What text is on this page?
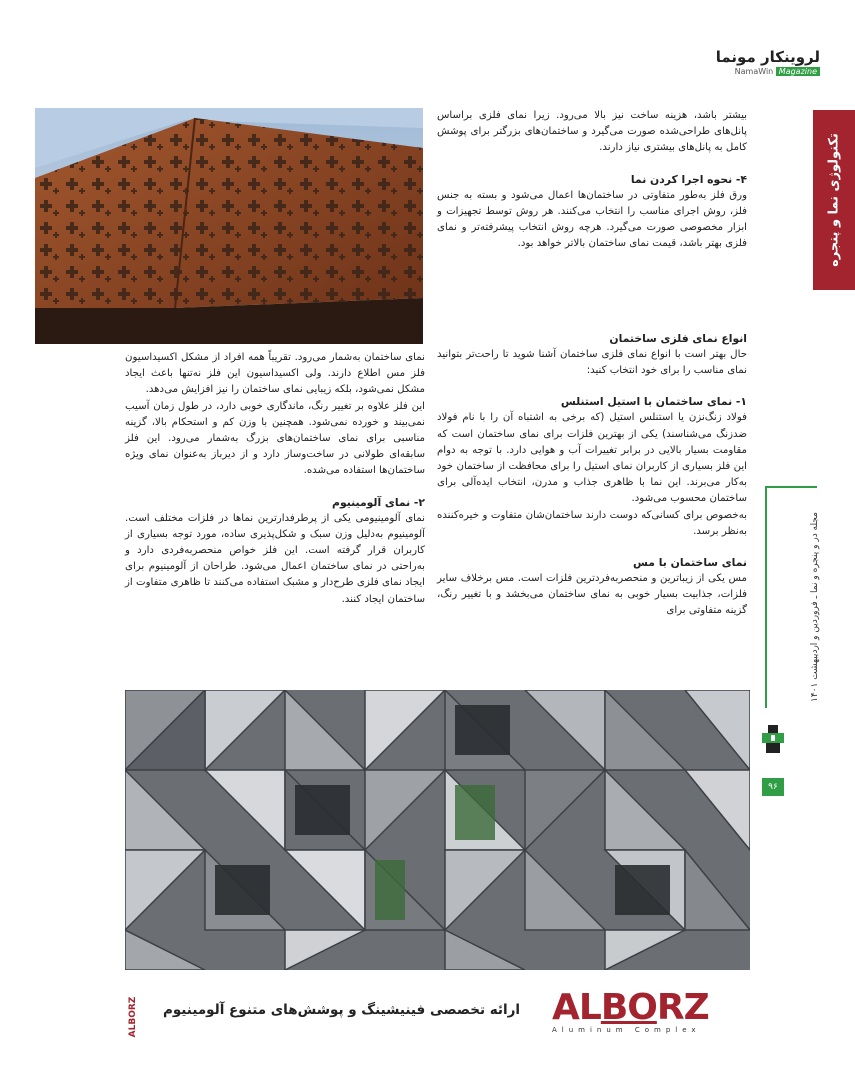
لروینکار مونما
NamaWin Magazine
تکنولوژی نما و پنجره
مجله در و پنجره و نما ـ فروردین و اردیبهشت ۱۴۰۱
۹۶

بیشتر باشد، هزینه ساخت نیز بالا می‌رود. زیرا نمای فلزی براساس پانل‌های طراحی‌شده صورت می‌گیرد و ساختمان‌های بزرگتر برای پوشش کامل به پانل‌های بیشتری نیاز دارند.

۴- نحوه اجرا کردن نما

ورق فلز به‌طور متفاوتی در ساختمان‌ها اعمال می‌شود و بسته به جنس فلز، روش اجرای مناسب را انتخاب می‌کنند. هر روش توسط تجهیزات و ابزار مخصوصی صورت می‌گیرد. هرچه روش انتخاب پیشرفته‌تر و نمای فلزی بهتر باشد، قیمت نمای ساختمان بالاتر خواهد بود.

انواع نمای فلزی ساختمان

حال بهتر است با انواع نمای فلزی ساختمان آشنا شوید تا راحت‌تر بتوانید نمای مناسب را برای خود انتخاب کنید:

۱- نمای ساختمان با استیل استنلس

فولاد زنگ‌نزن یا استنلس استیل (که برخی به اشتباه آن را با نام فولاد ضدزنگ می‌شناسند) یکی از بهترین فلزات برای نمای ساختمان است که مقاومت بسیار بالایی در برابر تغییرات آب و هوایی دارد. با توجه به دوام این فلز بسیاری از کاربران نمای استیل را برای محافظت از ساختمان خود به‌کار می‌برند. این نما با ظاهری جذاب و مدرن، انتخاب ایده‌آلی برای ساختمان محسوب می‌شود.

به‌خصوص برای کسانی‌که دوست دارند ساختمان‌شان متفاوت و خیره‌کننده به‌نظر برسد.

نمای ساختمان با مس

مس یکی از زیباترین و منحصربه‌فردترین فلزات است. مس برخلاف سایر فلزات، جذابیت بسیار خوبی به نمای ساختمان می‌بخشد و با تغییر رنگ، گزینه متفاوتی برای

نمای ساختمان به‌شمار می‌رود. تقریباً همه افراد از مشکل اکسیداسیون فلز مس اطلاع دارند. ولی اکسیداسیون این فلز نه‌تنها باعث ایجاد مشکل نمی‌شود، بلکه زیبایی نمای ساختمان را نیز افزایش می‌دهد.

این فلز علاوه بر تغییر رنگ، ماندگاری خوبی دارد، در طول زمان آسیب نمی‌بیند و خورده نمی‌شود. همچنین با وزن کم و استحکام بالا، گزینه مناسبی برای نمای ساختمان‌های بزرگ به‌شمار می‌رود. این فلز سابقه‌ای طولانی در ساخت‌وساز دارد و از دیرباز به‌عنوان نمای ویژه ساختمان‌ها استفاده می‌شده.

۲- نمای آلومینیوم

نمای آلومینیومی یکی از پرطرفدارترین نماها در فلزات مختلف است. آلومینیوم به‌دلیل وزن سبک و شکل‌پذیری ساده، مورد توجه بسیاری از کاربران قرار گرفته است. این فلز خواص منحصربه‌فردی دارد و به‌راحتی در نمای ساختمان اعمال می‌شود. طراحان از آلومینیوم برای ایجاد نمای فلزی طرح‌دار و مشبک استفاده می‌کنند تا ظاهری متفاوت از ساختمان ایجاد کنند.

ALBORZ
Aluminum Complex
ارائه تخصصی فینیشینگ و پوشش‌های متنوع آلومینیوم
ALBORZ
